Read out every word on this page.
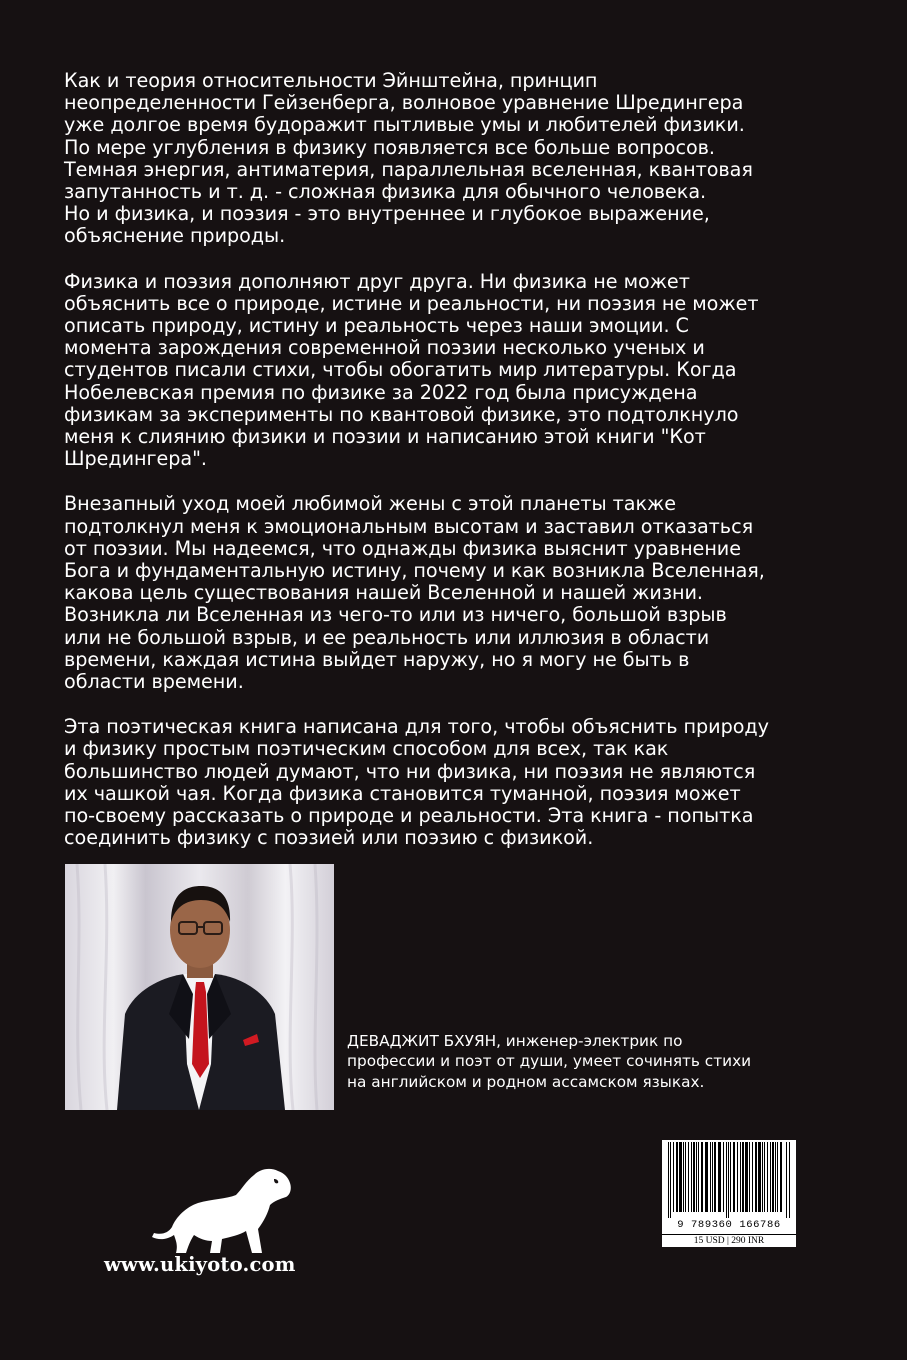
Как и теория относительности Эйнштейна, принцип
неопределенности Гейзенберга, волновое уравнение Шредингера
уже долгое время будоражит пытливые умы и любителей физики.
По мере углубления в физику появляется все больше вопросов.
Темная энергия, антиматерия, параллельная вселенная, квантовая
запутанность и т. д. - сложная физика для обычного человека.
Но и физика, и поэзия - это внутреннее и глубокое выражение,
объяснение природы.

Физика и поэзия дополняют друг друга. Ни физика не может
объяснить все о природе, истине и реальности, ни поэзия не может
описать природу, истину и реальность через наши эмоции. С
момента зарождения современной поэзии несколько ученых и
студентов писали стихи, чтобы обогатить мир литературы. Когда
Нобелевская премия по физике за 2022 год была присуждена
физикам за эксперименты по квантовой физике, это подтолкнуло
меня к слиянию физики и поэзии и написанию этой книги "Кот
Шредингера".

Внезапный уход моей любимой жены с этой планеты также
подтолкнул меня к эмоциональным высотам и заставил отказаться
от поэзии. Мы надеемся, что однажды физика выяснит уравнение
Бога и фундаментальную истину, почему и как возникла Вселенная,
какова цель существования нашей Вселенной и нашей жизни.
Возникла ли Вселенная из чего-то или из ничего, большой взрыв
или не большой взрыв, и ее реальность или иллюзия в области
времени, каждая истина выйдет наружу, но я могу не быть в
области времени.

Эта поэтическая книга написана для того, чтобы объяснить природу
и физику простым поэтическим способом для всех, так как
большинство людей думают, что ни физика, ни поэзия не являются
их чашкой чая. Когда физика становится туманной, поэзия может
по-своему рассказать о природе и реальности. Эта книга - попытка
соединить физику с поэзией или поэзию с физикой.

ДЕВАДЖИТ БХУЯН, инженер-электрик по
профессии и поэт от души, умеет сочинять стихи
на английском и родном ассамском языках.
www.ukiyoto.com
9 789360 166786
15 USD | 290 INR
